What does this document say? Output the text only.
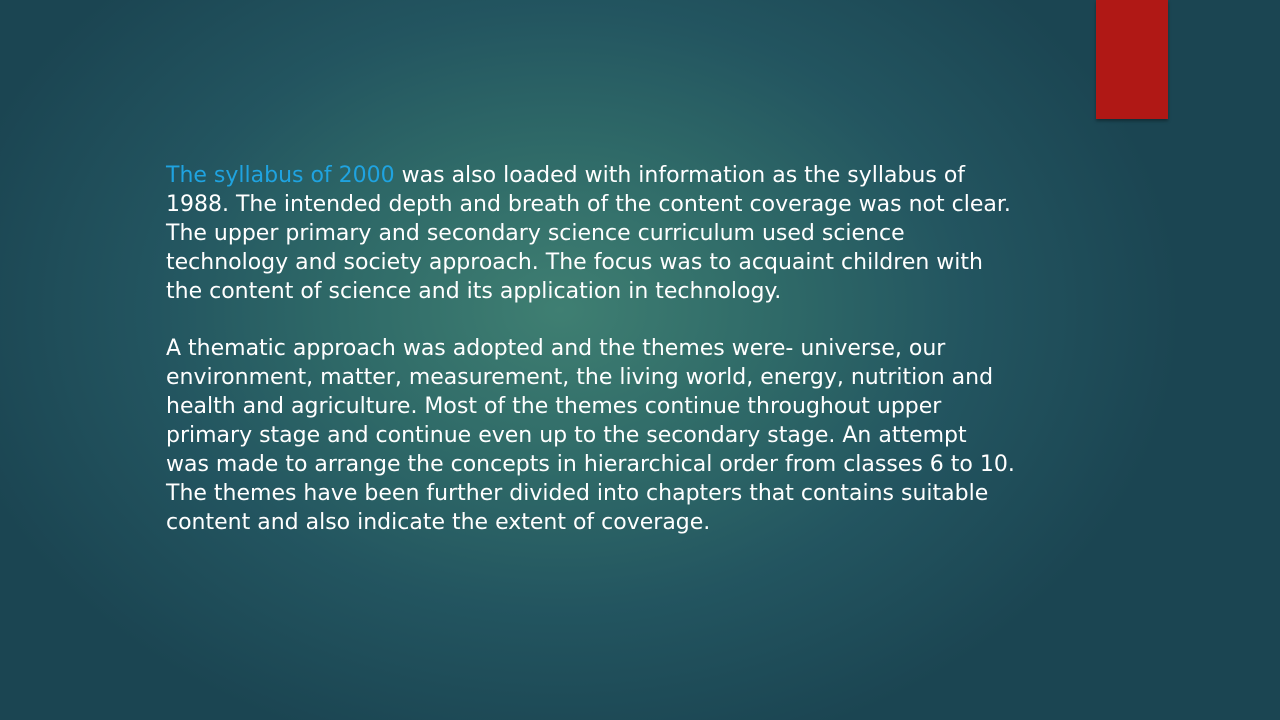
The syllabus of 2000 was also loaded with information as the syllabus of 1988. The intended depth and breath of the content coverage was not clear. The upper primary and secondary science curriculum used science technology and society approach. The focus was to acquaint children with the content of science and its application in technology.

A thematic approach was adopted and the themes were- universe, our environment, matter, measurement, the living world, energy, nutrition and health and agriculture. Most of the themes continue throughout upper primary stage and continue even up to the secondary stage. An attempt was made to arrange the concepts in hierarchical order from classes 6 to 10. The themes have been further divided into chapters that contains suitable content and also indicate the extent of coverage.
